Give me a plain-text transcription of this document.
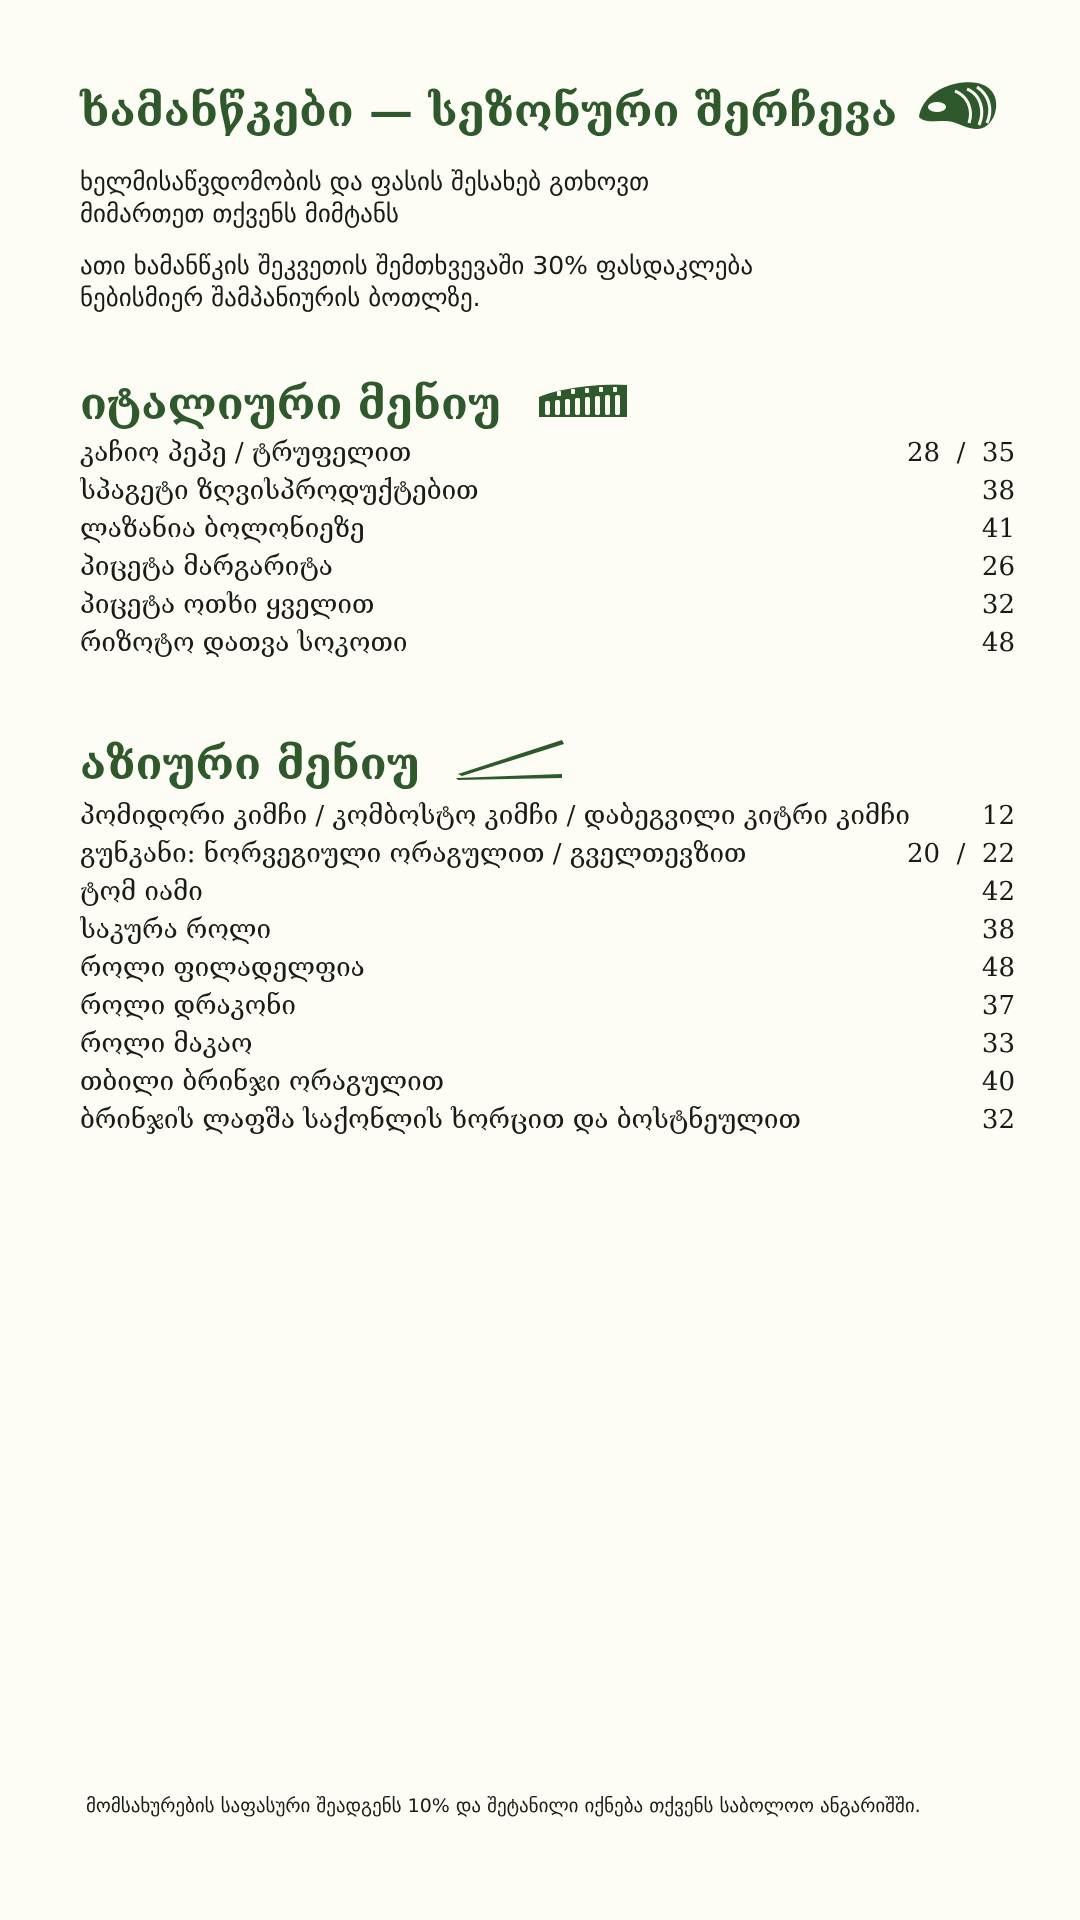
ხამანწკები — სეზონური შერჩევა

ხელმისაწვდომობის და ფასის შესახებ გთხოვთ

მიმართეთ თქვენს მიმტანს

ათი ხამანწკის შეკვეთის შემთხვევაში 30% ფასდაკლება

ნებისმიერ შამპანიურის ბოთლზე.

იტალიური მენიუ
კაჩიო პეპე / ტრუფელით	28  /  35
სპაგეტი ზღვისპროდუქტებით	38
ლაზანია ბოლონიეზე	41
პიცეტა მარგარიტა	26
პიცეტა ოთხი ყველით	32
რიზოტო დათვა სოკოთი	48
აზიური მენიუ
პომიდორი კიმჩი / კომბოსტო კიმჩი / დაბეგვილი კიტრი კიმჩი	12
გუნკანი: ნორვეგიული ორაგულით / გველთევზით	20  /  22
ტომ იამი	42
საკურა როლი	38
როლი ფილადელფია	48
როლი დრაკონი	37
როლი მაკაო	33
თბილი ბრინჯი ორაგულით	40
ბრინჯის ლაფშა საქონლის ხორცით და ბოსტნეულით	32
მომსახურების საფასური შეადგენს 10% და შეტანილი იქნება თქვენს საბოლოო ანგარიშში.
